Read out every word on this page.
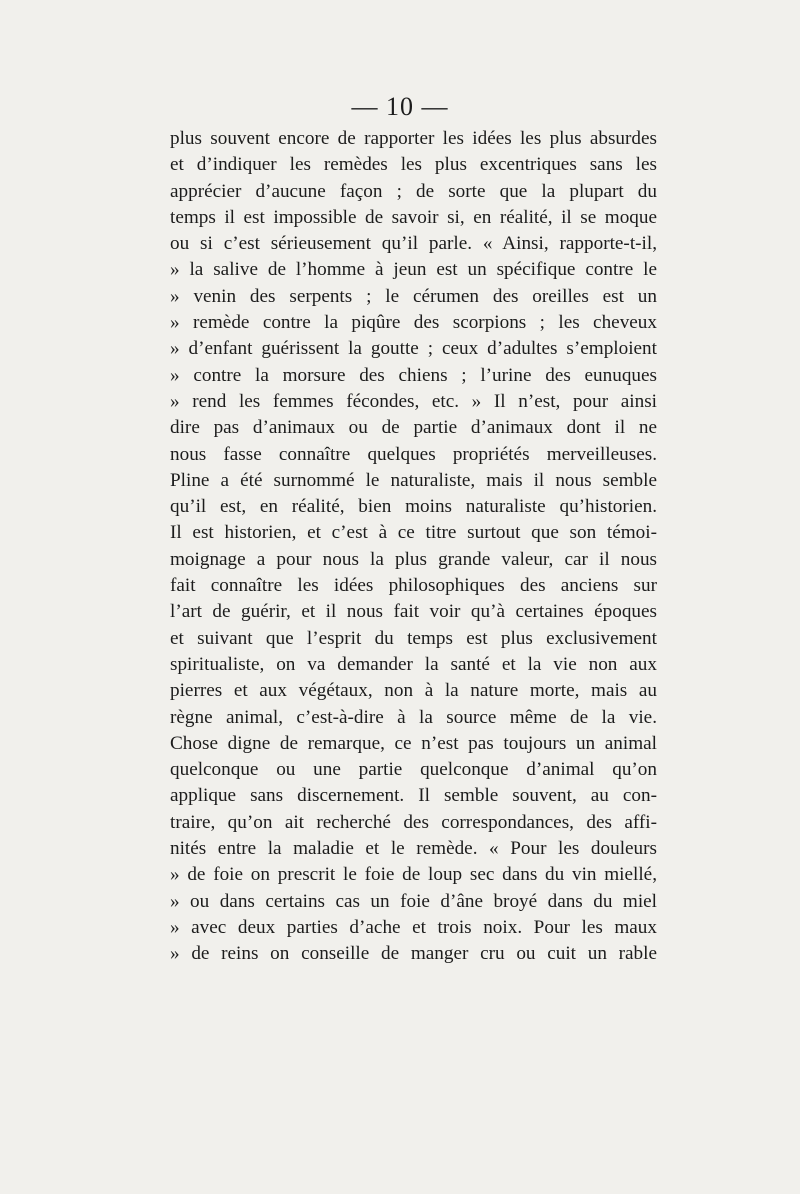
— 10 —
plus souvent encore de rapporter les idées les plus absurdes
et d’indiquer les remèdes les plus excentriques sans les
apprécier d’aucune façon ; de sorte que la plupart du
temps il est impossible de savoir si, en réalité, il se moque
ou si c’est sérieusement qu’il parle. « Ainsi, rapporte-t-il,
» la salive de l’homme à jeun est un spécifique contre le
» venin des serpents ; le cérumen des oreilles est un
» remède contre la piqûre des scorpions ; les cheveux
» d’enfant guérissent la goutte ; ceux d’adultes s’emploient
» contre la morsure des chiens ; l’urine des eunuques
» rend les femmes fécondes, etc. » Il n’est, pour ainsi
dire pas d’animaux ou de partie d’animaux dont il ne
nous fasse connaître quelques propriétés merveilleuses.
Pline a été surnommé le naturaliste, mais il nous semble
qu’il est, en réalité, bien moins naturaliste qu’historien.
Il est historien, et c’est à ce titre surtout que son témoi-
moignage a pour nous la plus grande valeur, car il nous
fait connaître les idées philosophiques des anciens sur
l’art de guérir, et il nous fait voir qu’à certaines époques
et suivant que l’esprit du temps est plus exclusivement
spiritualiste, on va demander la santé et la vie non aux
pierres et aux végétaux, non à la nature morte, mais au
règne animal, c’est-à-dire à la source même de la vie.
Chose digne de remarque, ce n’est pas toujours un animal
quelconque ou une partie quelconque d’animal qu’on
applique sans discernement. Il semble souvent, au con-
traire, qu’on ait recherché des correspondances, des affi-
nités entre la maladie et le remède. « Pour les douleurs
» de foie on prescrit le foie de loup sec dans du vin miellé,
» ou dans certains cas un foie d’âne broyé dans du miel
» avec deux parties d’ache et trois noix. Pour les maux
» de reins on conseille de manger cru ou cuit un rable
